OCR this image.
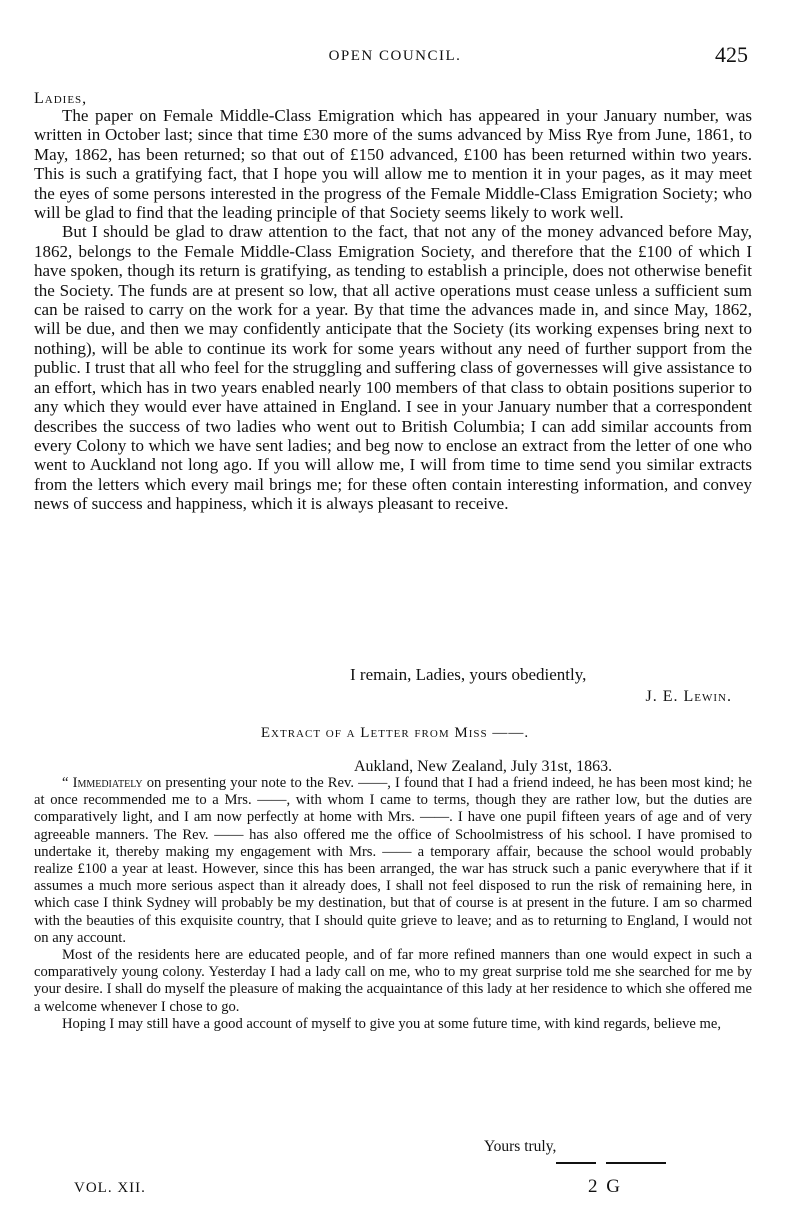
OPEN COUNCIL.	425
Ladies,

The paper on Female Middle-Class Emigration which has appeared in your January number, was written in October last; since that time £30 more of the sums advanced by Miss Rye from June, 1861, to May, 1862, has been returned; so that out of £150 advanced, £100 has been returned within two years. This is such a gratifying fact, that I hope you will allow me to mention it in your pages, as it may meet the eyes of some persons interested in the progress of the Female Middle-Class Emigration Society; who will be glad to find that the leading principle of that Society seems likely to work well.

But I should be glad to draw attention to the fact, that not any of the money advanced before May, 1862, belongs to the Female Middle-Class Emigration Society, and therefore that the £100 of which I have spoken, though its return is gratifying, as tending to establish a principle, does not otherwise benefit the Society. The funds are at present so low, that all active operations must cease unless a sufficient sum can be raised to carry on the work for a year. By that time the advances made in, and since May, 1862, will be due, and then we may confidently anticipate that the Society (its working expenses bring next to nothing), will be able to continue its work for some years without any need of further support from the public. I trust that all who feel for the struggling and suffering class of governesses will give assistance to an effort, which has in two years enabled nearly 100 members of that class to obtain positions superior to any which they would ever have attained in England. I see in your January number that a correspondent describes the success of two ladies who went out to British Columbia; I can add similar accounts from every Colony to which we have sent ladies; and beg now to enclose an extract from the letter of one who went to Auckland not long ago. If you will allow me, I will from time to time send you similar extracts from the letters which every mail brings me; for these often contain interesting information, and convey news of success and happiness, which it is always pleasant to receive.

I remain, Ladies, yours obediently,
J. E. Lewin.
Extract of a Letter from Miss ——.
Aukland, New Zealand, July 31st, 1863.

“ Immediately on presenting your note to the Rev. ——, I found that I had a friend indeed, he has been most kind; he at once recommended me to a Mrs. ——, with whom I came to terms, though they are rather low, but the duties are comparatively light, and I am now perfectly at home with Mrs. ——. I have one pupil fifteen years of age and of very agreeable manners. The Rev. —— has also offered me the office of Schoolmistress of his school. I have promised to undertake it, thereby making my engagement with Mrs. —— a temporary affair, because the school would probably realize £100 a year at least. However, since this has been arranged, the war has struck such a panic everywhere that if it assumes a much more serious aspect than it already does, I shall not feel disposed to run the risk of remaining here, in which case I think Sydney will probably be my destination, but that of course is at present in the future. I am so charmed with the beauties of this exquisite country, that I should quite grieve to leave; and as to returning to England, I would not on any account.

Most of the residents here are educated people, and of far more refined manners than one would expect in such a comparatively young colony. Yesterday I had a lady call on me, who to my great surprise told me she searched for me by your desire. I shall do myself the pleasure of making the acquaintance of this lady at her residence to which she offered me a welcome whenever I chose to go.

Hoping I may still have a good account of myself to give you at some future time, with kind regards, believe me,

Yours truly,
VOL. XII.	2 G
